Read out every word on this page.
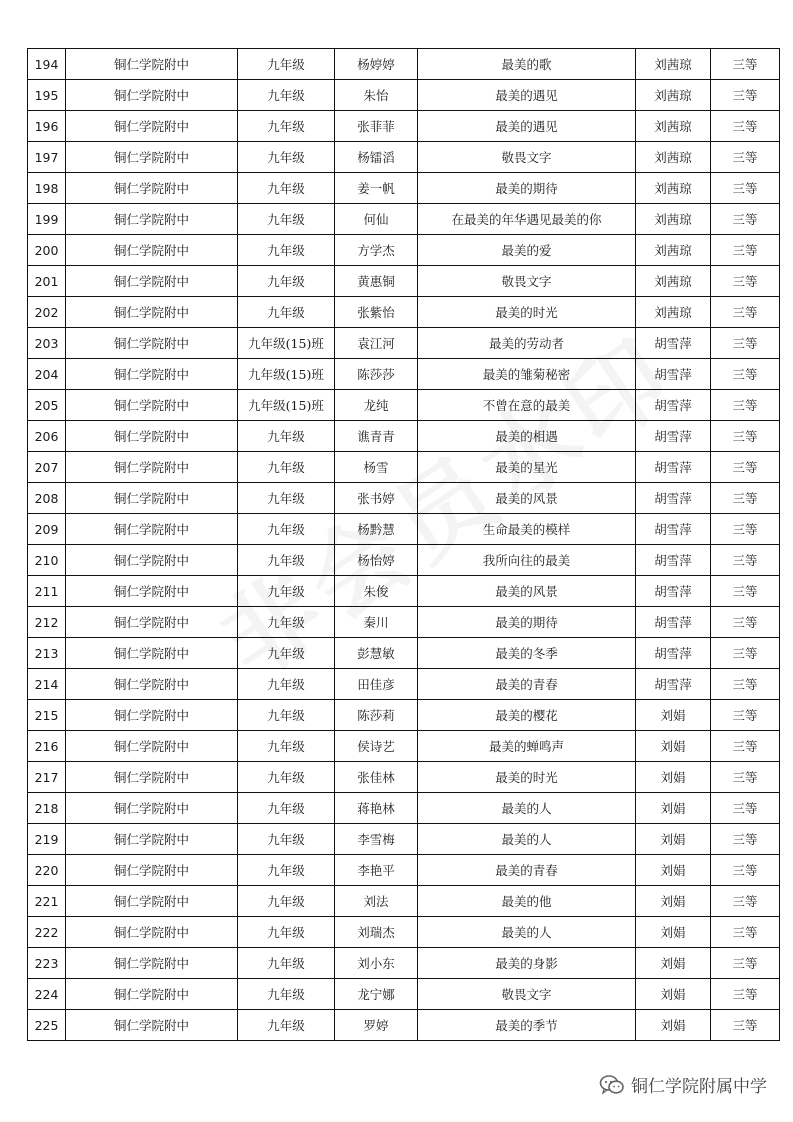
194	铜仁学院附中	九年级	杨婷婷	最美的歌	刘茜琼	三等
195	铜仁学院附中	九年级	朱怡	最美的遇见	刘茜琼	三等
196	铜仁学院附中	九年级	张菲菲	最美的遇见	刘茜琼	三等
197	铜仁学院附中	九年级	杨镭滔	敬畏文字	刘茜琼	三等
198	铜仁学院附中	九年级	姜一帆	最美的期待	刘茜琼	三等
199	铜仁学院附中	九年级	何仙	在最美的年华遇见最美的你	刘茜琼	三等
200	铜仁学院附中	九年级	方学杰	最美的爱	刘茜琼	三等
201	铜仁学院附中	九年级	黄惠铜	敬畏文字	刘茜琼	三等
202	铜仁学院附中	九年级	张紫怡	最美的时光	刘茜琼	三等
203	铜仁学院附中	九年级(15)班	袁江河	最美的劳动者	胡雪萍	三等
204	铜仁学院附中	九年级(15)班	陈莎莎	最美的雏菊秘密	胡雪萍	三等
205	铜仁学院附中	九年级(15)班	龙纯	不曾在意的最美	胡雪萍	三等
206	铜仁学院附中	九年级	谯青青	最美的相遇	胡雪萍	三等
207	铜仁学院附中	九年级	杨雪	最美的星光	胡雪萍	三等
208	铜仁学院附中	九年级	张书婷	最美的风景	胡雪萍	三等
209	铜仁学院附中	九年级	杨黔慧	生命最美的模样	胡雪萍	三等
210	铜仁学院附中	九年级	杨怡婷	我所向往的最美	胡雪萍	三等
211	铜仁学院附中	九年级	朱俊	最美的风景	胡雪萍	三等
212	铜仁学院附中	九年级	秦川	最美的期待	胡雪萍	三等
213	铜仁学院附中	九年级	彭慧敏	最美的冬季	胡雪萍	三等
214	铜仁学院附中	九年级	田佳彦	最美的青春	胡雪萍	三等
215	铜仁学院附中	九年级	陈莎莉	最美的樱花	刘娟	三等
216	铜仁学院附中	九年级	侯诗艺	最美的蝉鸣声	刘娟	三等
217	铜仁学院附中	九年级	张佳林	最美的时光	刘娟	三等
218	铜仁学院附中	九年级	蒋艳林	最美的人	刘娟	三等
219	铜仁学院附中	九年级	李雪梅	最美的人	刘娟	三等
220	铜仁学院附中	九年级	李艳平	最美的青春	刘娟	三等
221	铜仁学院附中	九年级	刘法	最美的他	刘娟	三等
222	铜仁学院附中	九年级	刘瑞杰	最美的人	刘娟	三等
223	铜仁学院附中	九年级	刘小东	最美的身影	刘娟	三等
224	铜仁学院附中	九年级	龙宁娜	敬畏文字	刘娟	三等
225	铜仁学院附中	九年级	罗婷	最美的季节	刘娟	三等
铜仁学院附属中学
